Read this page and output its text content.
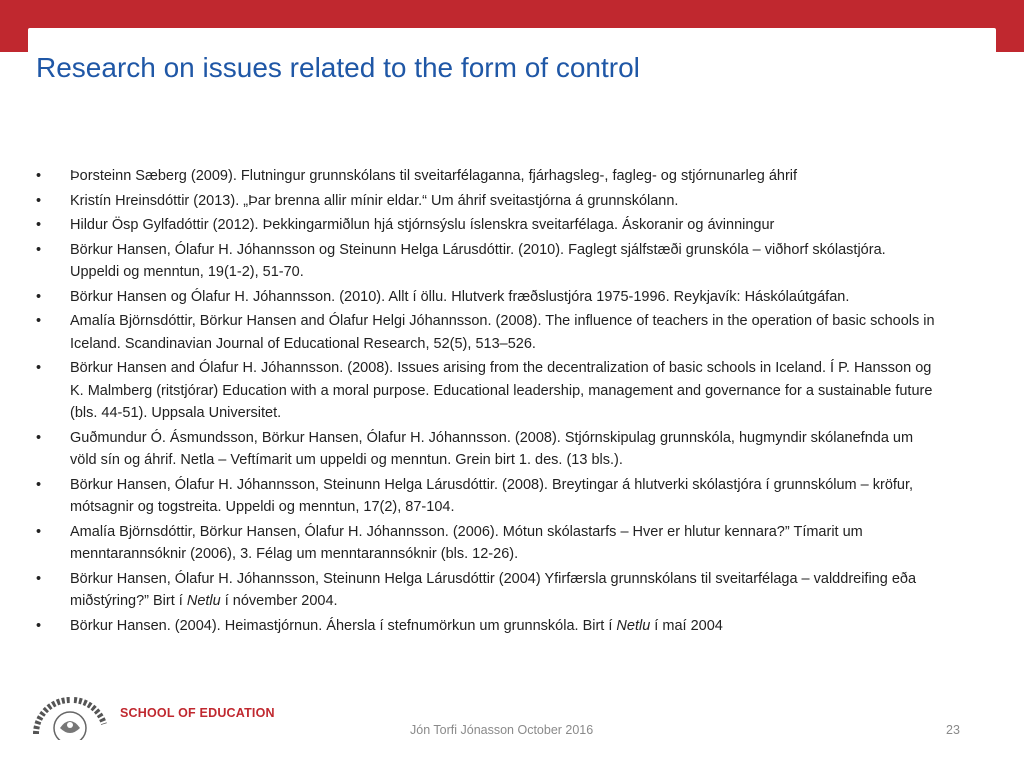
Research on issues related to the form of control
•	Þorsteinn Sæberg (2009). Flutningur grunnskólans til sveitarfélaganna, fjárhagsleg-, fagleg- og stjórnunarleg áhrif
•	Kristín Hreinsdóttir (2013). „Þar brenna allir mínir eldar.“ Um áhrif sveitastjórna á grunnskólann.
•	Hildur Ösp Gylfadóttir (2012). Þekkingarmiðlun hjá stjórnsýslu íslenskra sveitarfélaga. Áskoranir og ávinningur
•	Börkur Hansen, Ólafur H. Jóhannsson og Steinunn Helga Lárusdóttir. (2010). Faglegt sjálfstæði grunskóla – viðhorf skólastjóra. Uppeldi og menntun, 19(1-2), 51-70.
•	Börkur Hansen og Ólafur H. Jóhannsson. (2010). Allt í öllu. Hlutverk fræðslustjóra 1975-1996. Reykjavík: Háskólaútgáfan.
•	Amalía Björnsdóttir, Börkur Hansen and Ólafur Helgi Jóhannsson. (2008). The influence of teachers in the operation of basic schools in Iceland. Scandinavian Journal of Educational Research, 52(5), 513–526.
•	Börkur Hansen and Ólafur H. Jóhannsson. (2008). Issues arising from the decentralization of basic schools in Iceland. Í P. Hansson og K. Malmberg (ritstjórar) Education with a moral purpose. Educational leadership, management and governance for a sustainable future (bls. 44-51). Uppsala Universitet.
•	Guðmundur Ó. Ásmundsson, Börkur Hansen, Ólafur H. Jóhannsson. (2008). Stjórnskipulag grunnskóla, hugmyndir skólanefnda um völd sín og áhrif. Netla – Veftímarit um uppeldi og menntun. Grein birt 1. des. (13 bls.).
•	Börkur Hansen, Ólafur H. Jóhannsson, Steinunn Helga Lárusdóttir. (2008). Breytingar á hlutverki skólastjóra í grunnskólum – kröfur, mótsagnir og togstreita. Uppeldi og menntun, 17(2), 87-104.
•	Amalía Björnsdóttir, Börkur Hansen, Ólafur H. Jóhannsson. (2006). Mótun skólastarfs – Hver er hlutur kennara?” Tímarit um menntarannsóknir (2006), 3. Félag um menntarannsóknir (bls. 12-26).
•	Börkur Hansen, Ólafur H. Jóhannsson, Steinunn Helga Lárusdóttir (2004) Yfirfærsla grunnskólans til sveitarfélaga – valddreifing eða miðstýring?” Birt í Netlu í nóvember 2004.
•	Börkur Hansen. (2004). Heimastjórnun. Áhersla í stefnumörkun um grunnskóla. Birt í Netlu í maí 2004
SCHOOL OF EDUCATION
Jón Torfi Jónasson October 2016	23
